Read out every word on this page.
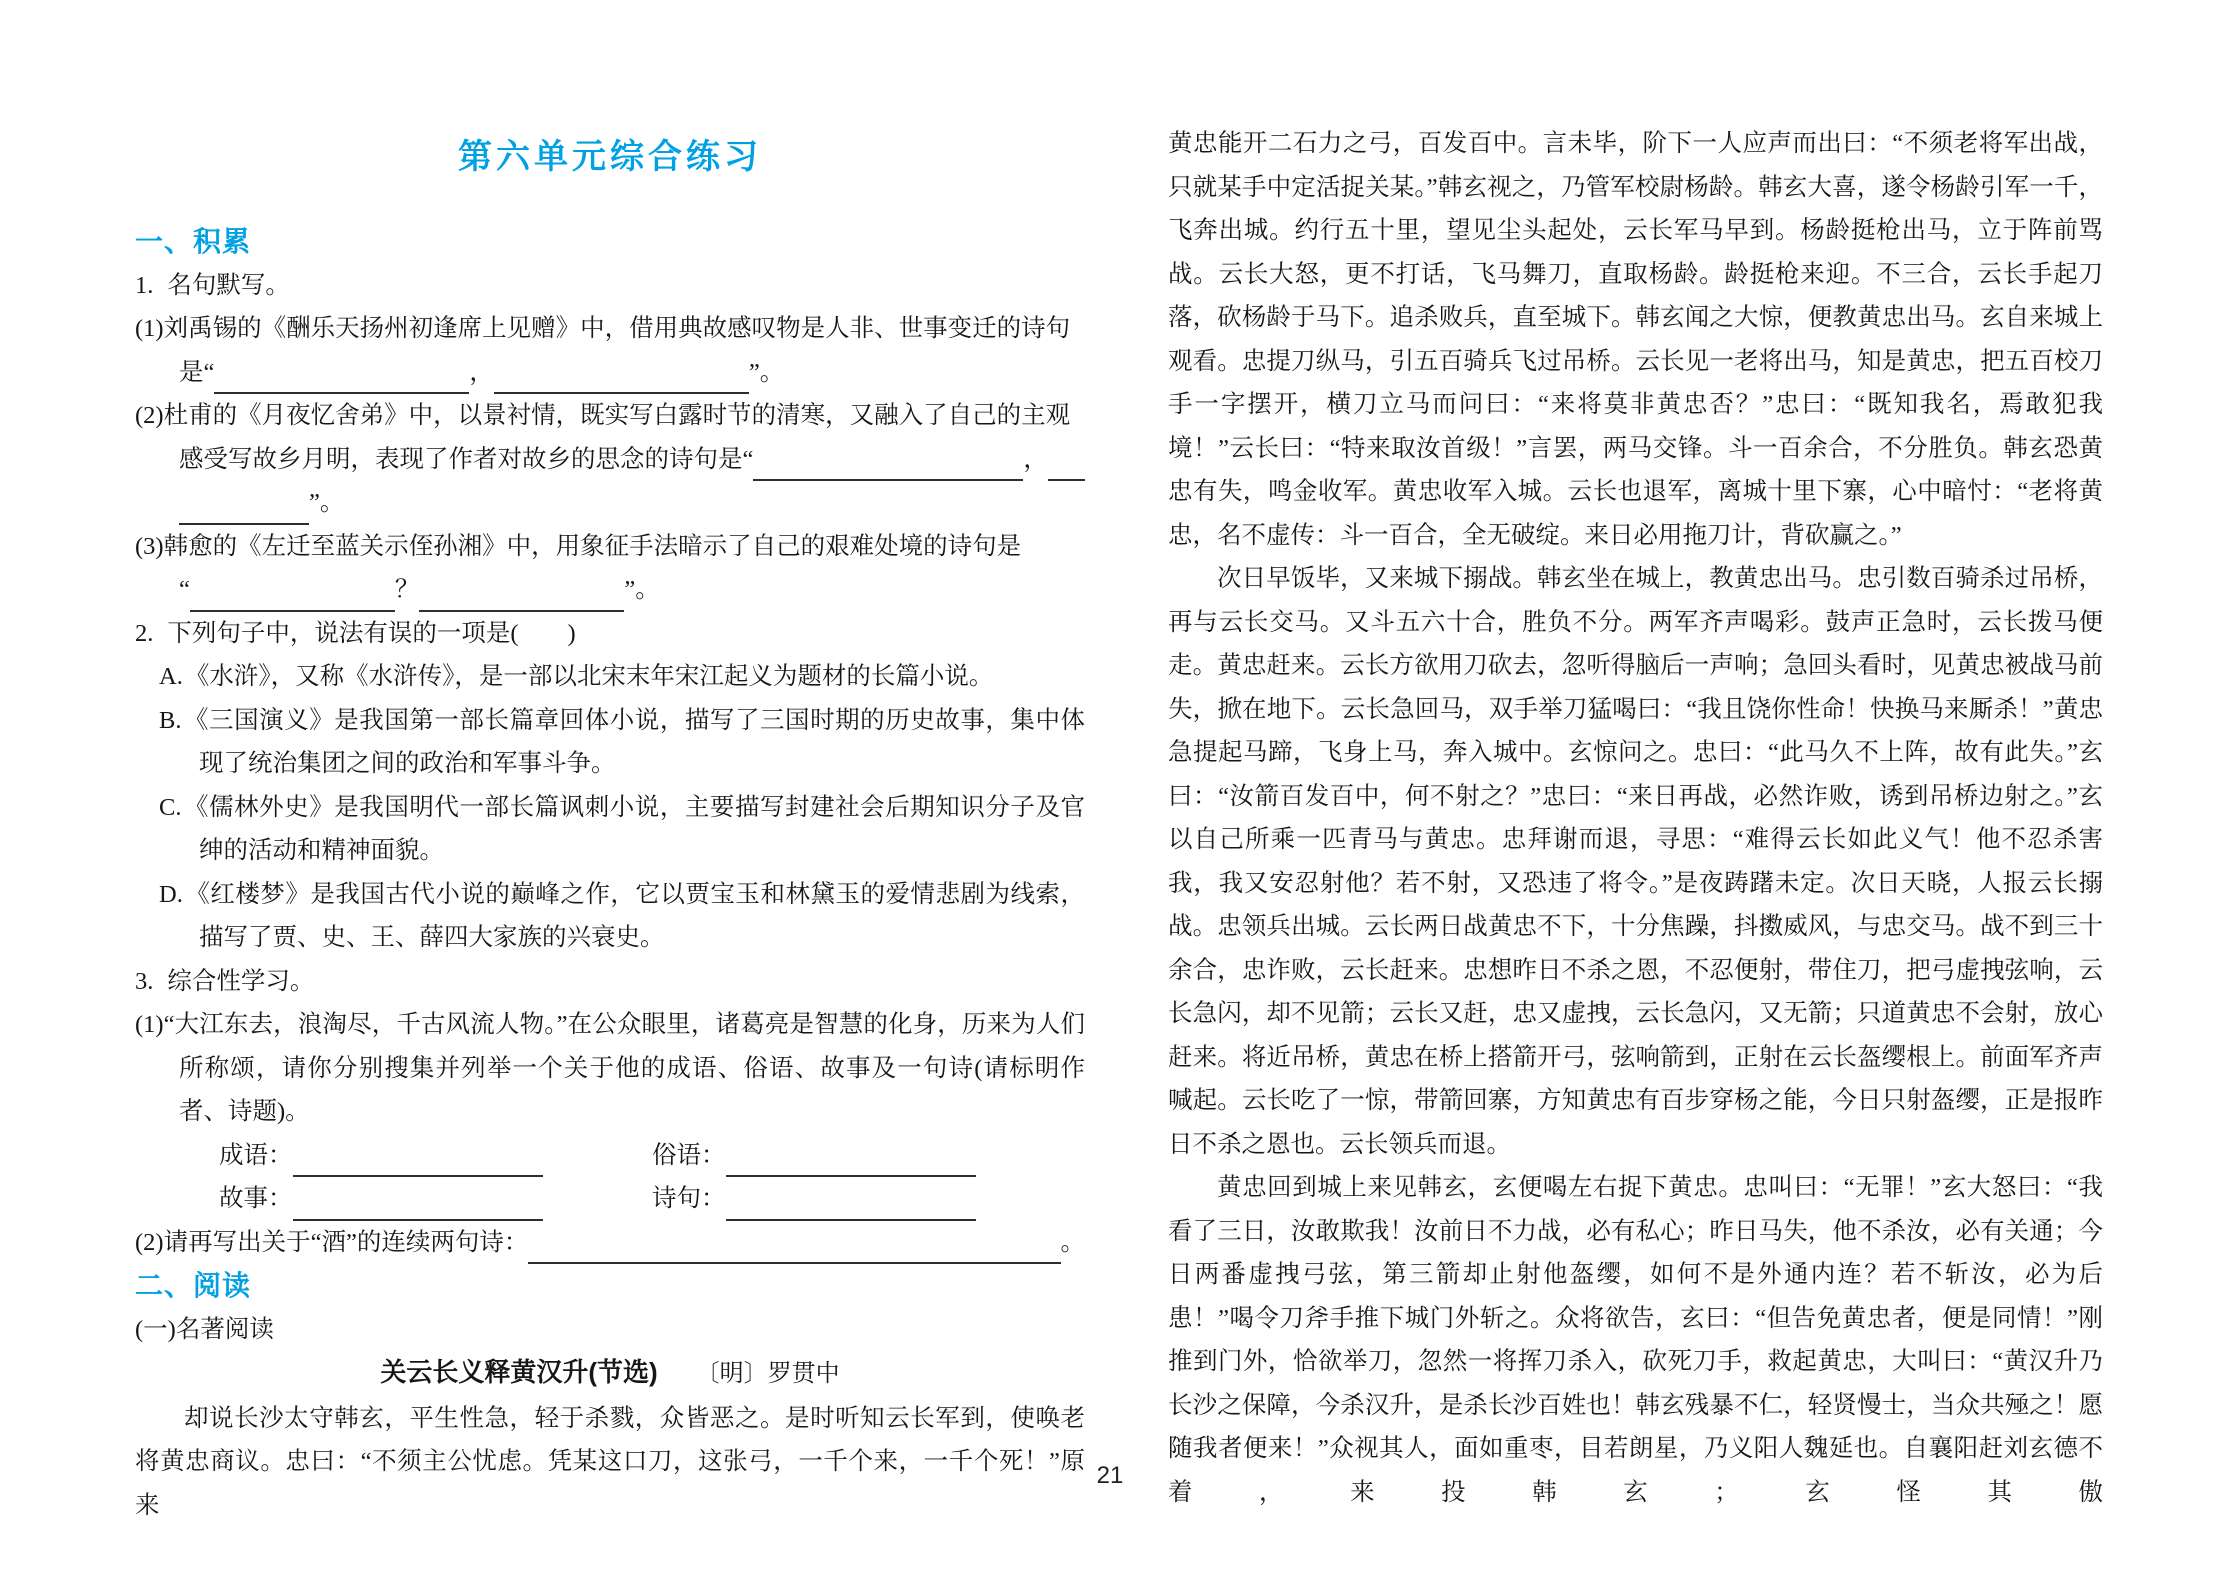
第六单元综合练习
一、积累
1. 名句默写。
(1)刘禹锡的《酬乐天扬州初逢席上见赠》中，借用典故感叹物是人非、世事变迁的诗句
是“	，	”。
(2)杜甫的《月夜忆舍弟》中，以景衬情，既实写白露时节的清寒，又融入了自己的主观
感受写故乡月明，表现了作者对故乡的思念的诗句是“	，
”。
(3)韩愈的《左迁至蓝关示侄孙湘》中，用象征手法暗示了自己的艰难处境的诗句是
“	？	”。
2. 下列句子中，说法有误的一项是(　　)
A.《水浒》，又称《水浒传》，是一部以北宋末年宋江起义为题材的长篇小说。
B.《三国演义》是我国第一部长篇章回体小说，描写了三国时期的历史故事，集中体现了统治集团之间的政治和军事斗争。
C.《儒林外史》是我国明代一部长篇讽刺小说，主要描写封建社会后期知识分子及官绅的活动和精神面貌。
D.《红楼梦》是我国古代小说的巅峰之作，它以贾宝玉和林黛玉的爱情悲剧为线索，描写了贾、史、王、薛四大家族的兴衰史。
3. 综合性学习。
(1)“大江东去，浪淘尽，千古风流人物。”在公众眼里，诸葛亮是智慧的化身，历来为人们所称颂，请你分别搜集并列举一个关于他的成语、俗语、故事及一句诗(请标明作者、诗题)。
成语：	俗语：
故事：	诗句：
(2) 请再写出关于“酒”的连续两句诗：	。
二、阅读
(一)名著阅读
关云长义释黄汉升(节选) 〔明〕罗贯中

却说长沙太守韩玄，平生性急，轻于杀戮，众皆恶之。是时听知云长军到，使唤老将黄忠商议。忠曰：“不须主公忧虑。凭某这口刀，这张弓，一千个来，一千个死！”原来

黄忠能开二石力之弓，百发百中。言未毕，阶下一人应声而出曰：“不须老将军出战，只就某手中定活捉关某。”韩玄视之，乃管军校尉杨龄。韩玄大喜，遂令杨龄引军一千，飞奔出城。约行五十里，望见尘头起处，云长军马早到。杨龄挺枪出马，立于阵前骂战。云长大怒，更不打话，飞马舞刀，直取杨龄。龄挺枪来迎。不三合，云长手起刀落，砍杨龄于马下。追杀败兵，直至城下。韩玄闻之大惊，便教黄忠出马。玄自来城上观看。忠提刀纵马，引五百骑兵飞过吊桥。云长见一老将出马，知是黄忠，把五百校刀手一字摆开，横刀立马而问曰：“来将莫非黄忠否？”忠曰：“既知我名，焉敢犯我境！”云长曰：“特来取汝首级！”言罢，两马交锋。斗一百余合，不分胜负。韩玄恐黄忠有失，鸣金收军。黄忠收军入城。云长也退军，离城十里下寨，心中暗忖：“老将黄忠，名不虚传：斗一百合，全无破绽。来日必用拖刀计，背砍赢之。”

次日早饭毕，又来城下搦战。韩玄坐在城上，教黄忠出马。忠引数百骑杀过吊桥，再与云长交马。又斗五六十合，胜负不分。两军齐声喝彩。鼓声正急时，云长拨马便走。黄忠赶来。云长方欲用刀砍去，忽听得脑后一声响；急回头看时，见黄忠被战马前失，掀在地下。云长急回马，双手举刀猛喝曰：“我且饶你性命！快换马来厮杀！”黄忠急提起马蹄，飞身上马，奔入城中。玄惊问之。忠曰：“此马久不上阵，故有此失。”玄曰：“汝箭百发百中，何不射之？”忠曰：“来日再战，必然诈败，诱到吊桥边射之。”玄以自己所乘一匹青马与黄忠。忠拜谢而退，寻思：“难得云长如此义气！他不忍杀害我，我又安忍射他？若不射，又恐违了将令。”是夜踌躇未定。次日天晓，人报云长搦战。忠领兵出城。云长两日战黄忠不下，十分焦躁，抖擞威风，与忠交马。战不到三十余合，忠诈败，云长赶来。忠想昨日不杀之恩，不忍便射，带住刀，把弓虚拽弦响，云长急闪，却不见箭；云长又赶，忠又虚拽，云长急闪，又无箭；只道黄忠不会射，放心赶来。将近吊桥，黄忠在桥上搭箭开弓，弦响箭到，正射在云长盔缨根上。前面军齐声喊起。云长吃了一惊，带箭回寨，方知黄忠有百步穿杨之能，今日只射盔缨，正是报昨日不杀之恩也。云长领兵而退。

黄忠回到城上来见韩玄，玄便喝左右捉下黄忠。忠叫曰：“无罪！”玄大怒曰：“我看了三日，汝敢欺我！汝前日不力战，必有私心；昨日马失，他不杀汝，必有关通；今日两番虚拽弓弦，第三箭却止射他盔缨，如何不是外通内连？若不斩汝，必为后患！”喝令刀斧手推下城门外斩之。众将欲告，玄曰：“但告免黄忠者，便是同情！”刚推到门外，恰欲举刀，忽然一将挥刀杀入，砍死刀手，救起黄忠，大叫曰：“黄汉升乃长沙之保障，今杀汉升，是杀长沙百姓也！韩玄残暴不仁，轻贤慢士，当众共殛之！愿随我者便来！”众视其人，面如重枣，目若朗星，乃义阳人魏延也。自襄阳赶刘玄德不着，来投韩玄；玄怪其傲

21
